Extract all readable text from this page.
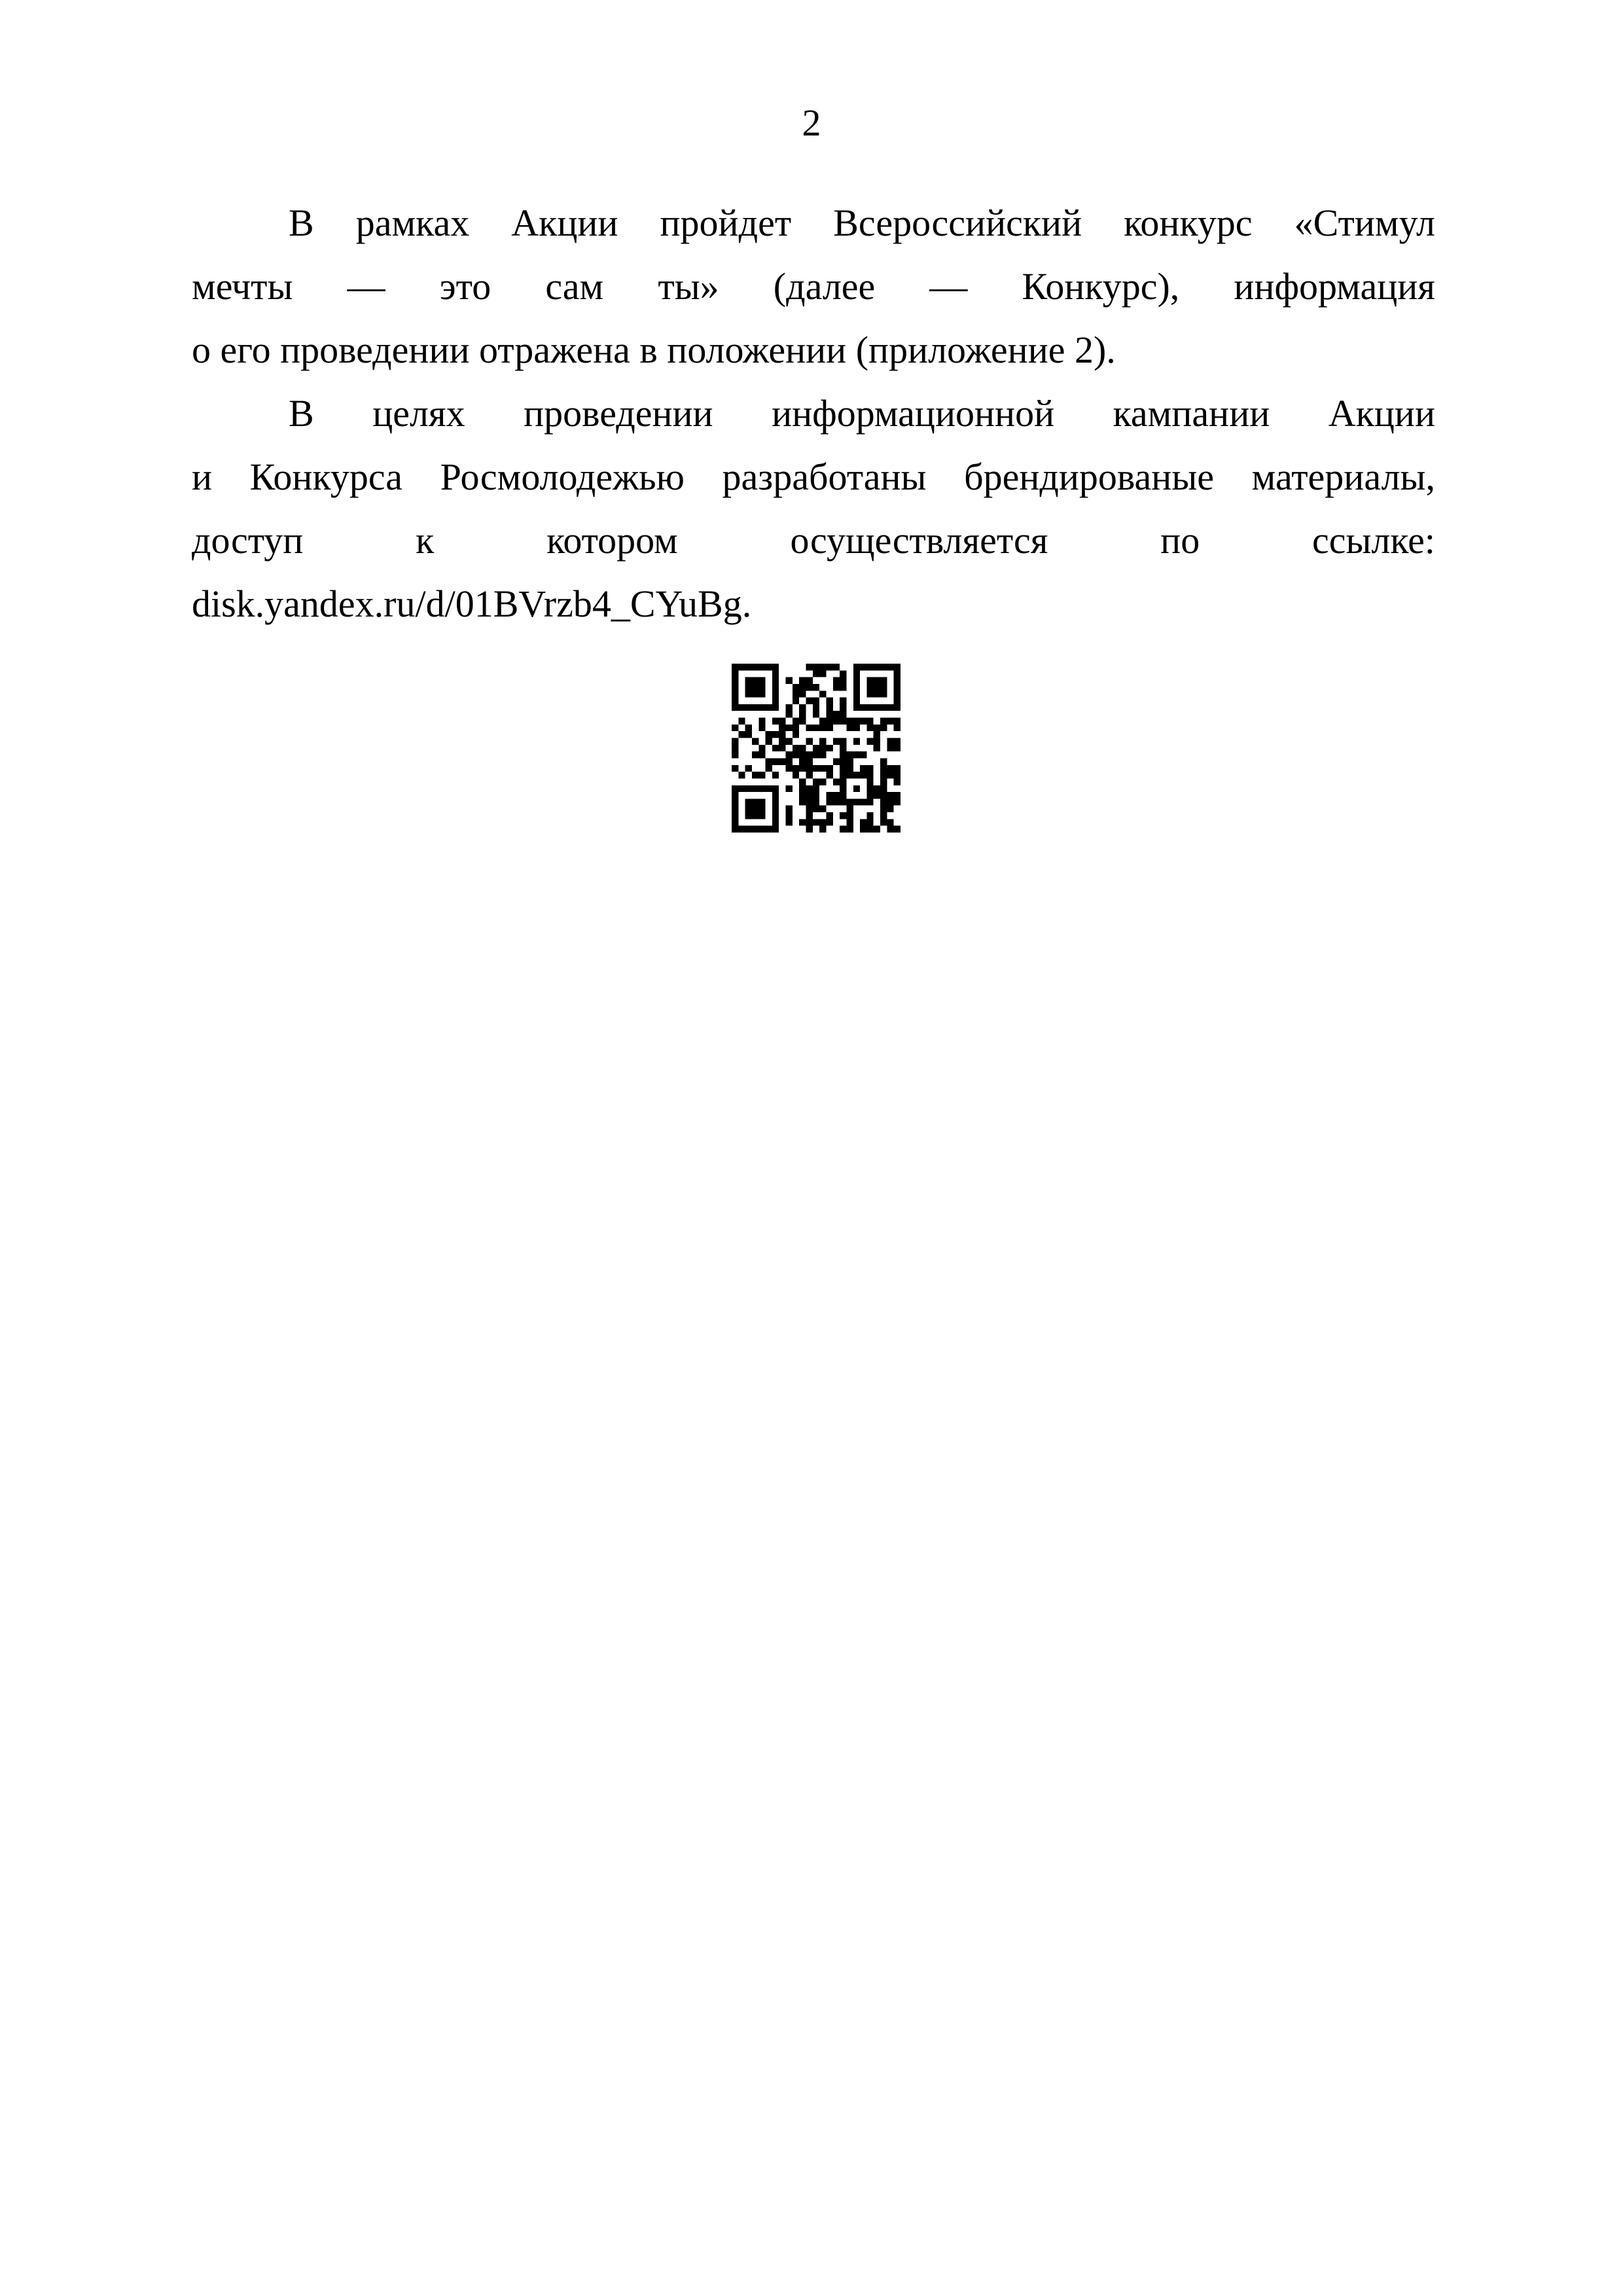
2
В рамках Акции пройдет Всероссийский конкурс «Стимул
мечты — это сам ты» (далее — Конкурс), информация
о его проведении отражена в положении (приложение 2).
В целях проведении информационной кампании Акции
и Конкурса Росмолодежью разработаны брендированые материалы,
доступ к котором осуществляется по ссылке:
disk.yandex.ru/d/01BVrzb4_CYuBg.
